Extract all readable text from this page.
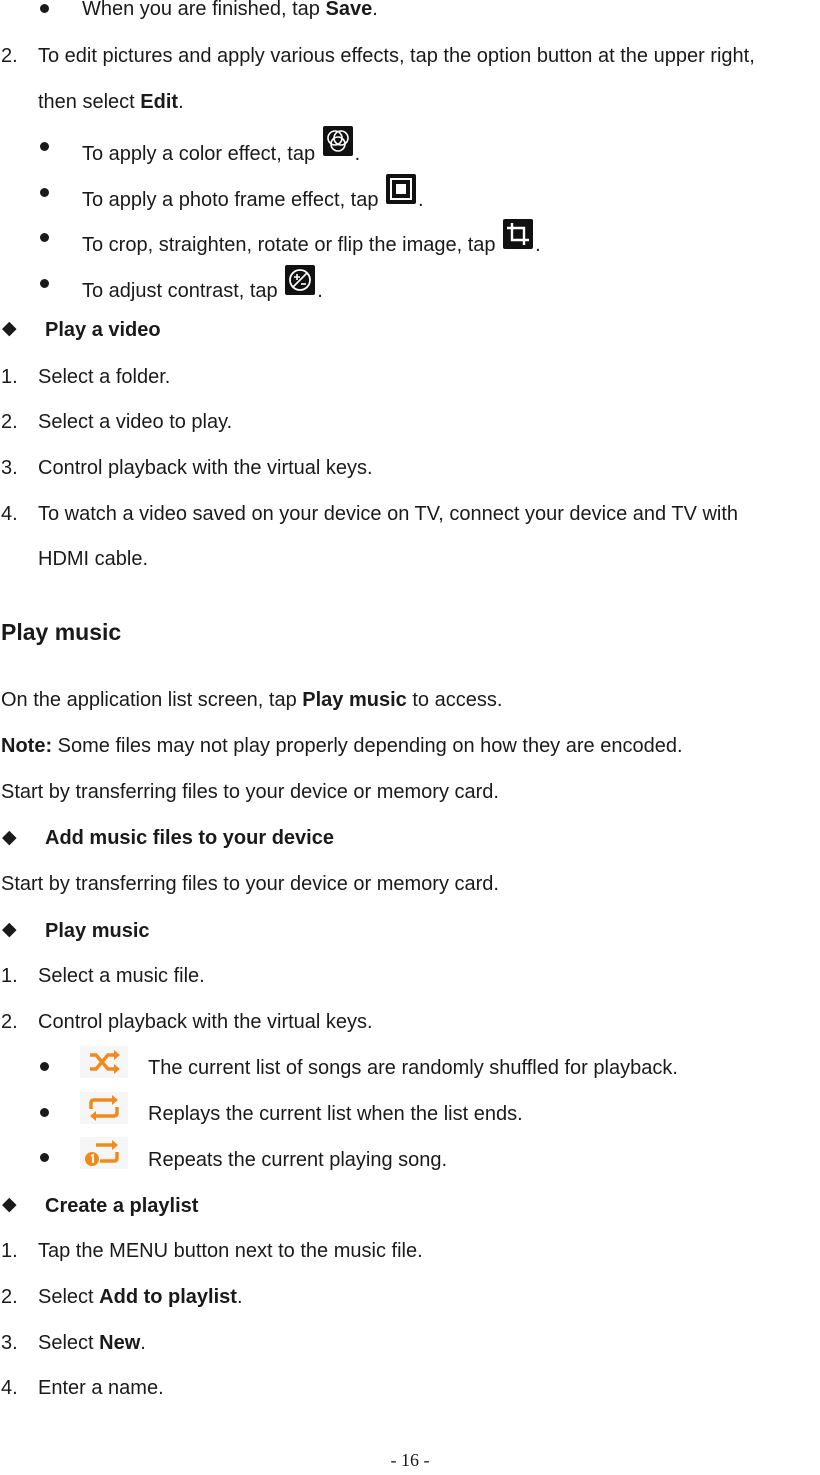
When you are finished, tap Save.
2. To edit pictures and apply various effects, tap the option button at the upper right,
then select Edit.
To apply a color effect, tap .
To apply a photo frame effect, tap .
To crop, straighten, rotate or flip the image, tap .
To adjust contrast, tap .
◆ Play a video
1. Select a folder.
2. Select a video to play.
3. Control playback with the virtual keys.
4. To watch a video saved on your device on TV, connect your device and TV with
HDMI cable.
Play music
On the application list screen, tap Play music to access.
Note: Some files may not play properly depending on how they are encoded.
Start by transferring files to your device or memory card.
◆ Add music files to your device
Start by transferring files to your device or memory card.
◆ Play music
1. Select a music file.
2. Control playback with the virtual keys.
The current list of songs are randomly shuffled for playback.
Replays the current list when the list ends.
Repeats the current playing song.
◆ Create a playlist
1. Tap the MENU button next to the music file.
2. Select Add to playlist.
3. Select New.
4. Enter a name.
- 16 -
